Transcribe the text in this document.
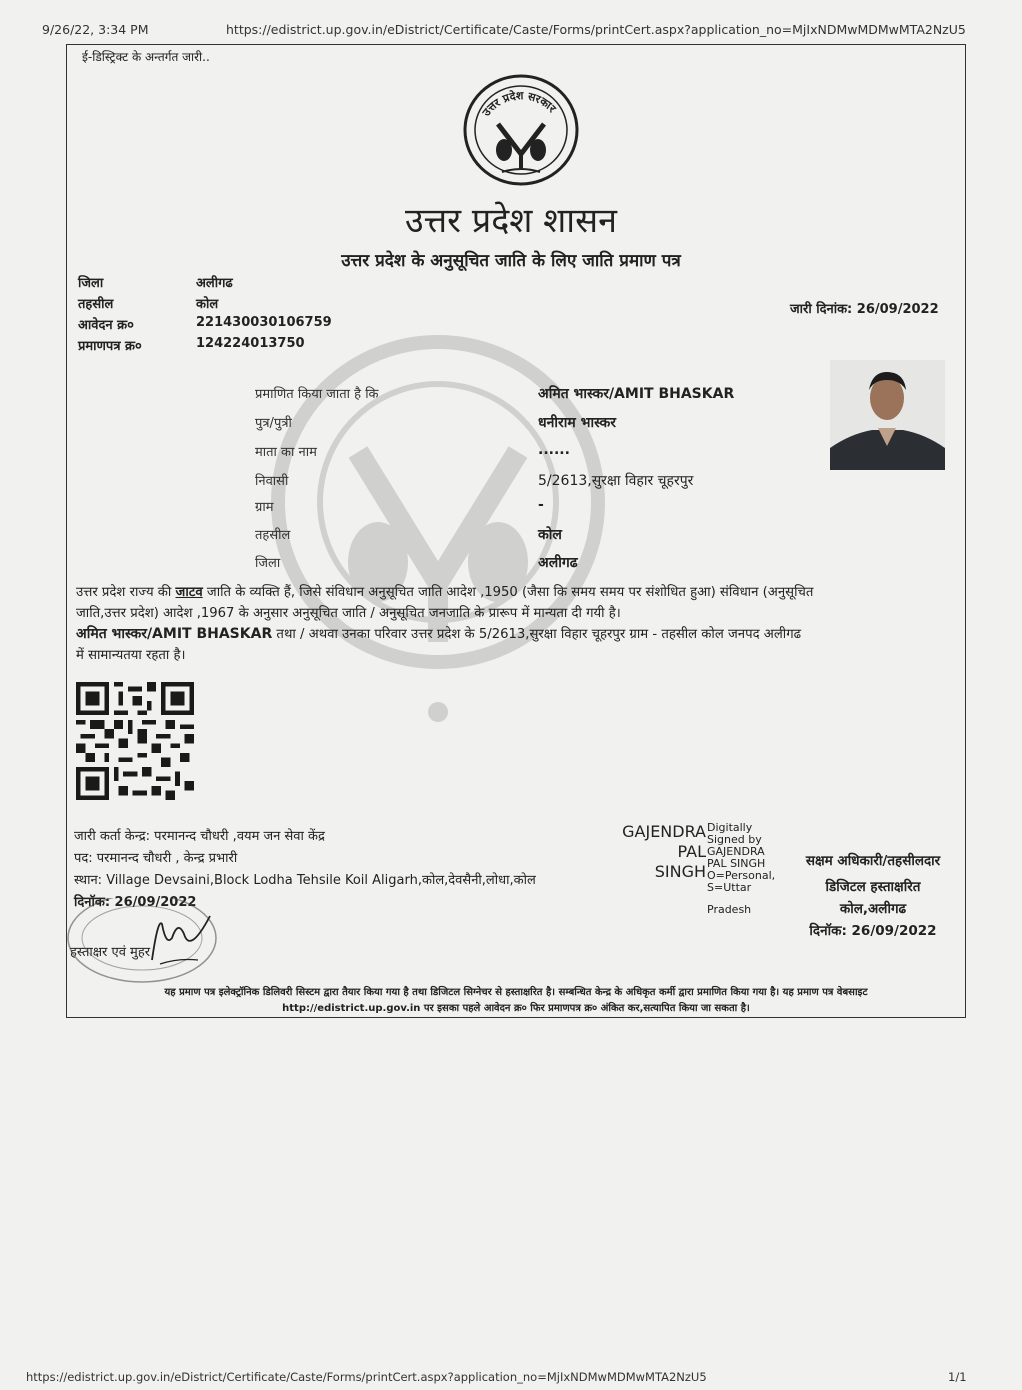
9/26/22, 3:34 PM	https://edistrict.up.gov.in/eDistrict/Certificate/Caste/Forms/printCert.aspx?application_no=MjIxNDMwMDMwMTA2NzU5
ई-डिस्ट्रिक्ट के अन्तर्गत जारी..
उत्तर प्रदेश सरकार
उत्तर प्रदेश शासन
उत्तर प्रदेश के अनुसूचित जाति के लिए जाति प्रमाण पत्र
जिला	अलीगढ
तहसील	कोल
आवेदन क्र०	221430030106759
प्रमाणपत्र क्र०	124224013750
जारी दिनांक: 26/09/2022
प्रमाणित किया जाता है कि	अमित भास्कर/AMIT BHASKAR
पुत्र/पुत्री	धनीराम भास्कर
माता का नाम	......
निवासी	5/2613,सुरक्षा विहार चूहरपुर
ग्राम	-
तहसील	कोल
जिला	अलीगढ
उत्तर प्रदेश राज्य की जाटव जाति के व्यक्ति हैं, जिसे संविधान अनुसूचित जाति आदेश ,1950 (जैसा कि समय समय पर संशोधित हुआ) संविधान (अनुसूचित
जाति,उत्तर प्रदेश) आदेश ,1967 के अनुसार अनुसूचित जाति / अनुसूचित जनजाति के प्रारूप में मान्यता दी गयी है।
अमित भास्कर/AMIT BHASKAR तथा / अथवा उनका परिवार उत्तर प्रदेश के 5/2613,सुरक्षा विहार चूहरपुर ग्राम - तहसील कोल जनपद अलीगढ
में सामान्यतया रहता है।
जारी कर्ता केन्द्र: परमानन्द चौधरी ,वयम जन सेवा केंद्र
पद: परमानन्द चौधरी , केन्द्र प्रभारी
स्थान: Village Devsaini,Block Lodha Tehsile Koil Aligarh,कोल,देवसैनी,लोधा,कोल
दिनॉक: 26/09/2022
हस्ताक्षर एवं मुहर
GAJENDRA
PAL
SINGH
Digitally
Signed by
GAJENDRA
PAL SINGH
O=Personal,
S=Uttar
Pradesh
सक्षम अधिकारी/तहसीलदार
डिजिटल हस्ताक्षरित
कोल,अलीगढ
दिनॉक: 26/09/2022
यह प्रमाण पत्र इलेक्ट्रॉनिक डिलिवरी सिस्टम द्वारा तैयार किया गया है तथा डिजिटल सिग्नेचर से हस्ताक्षरित है। सम्बन्धित केन्द्र के अधिकृत कर्मी द्वारा प्रमाणित किया गया है। यह प्रमाण पत्र वेबसाइट
http://edistrict.up.gov.in पर इसका पहले आवेदन क्र० फिर प्रमाणपत्र क्र० अंकित कर,सत्यापित किया जा सकता है।
https://edistrict.up.gov.in/eDistrict/Certificate/Caste/Forms/printCert.aspx?application_no=MjIxNDMwMDMwMTA2NzU5	1/1
